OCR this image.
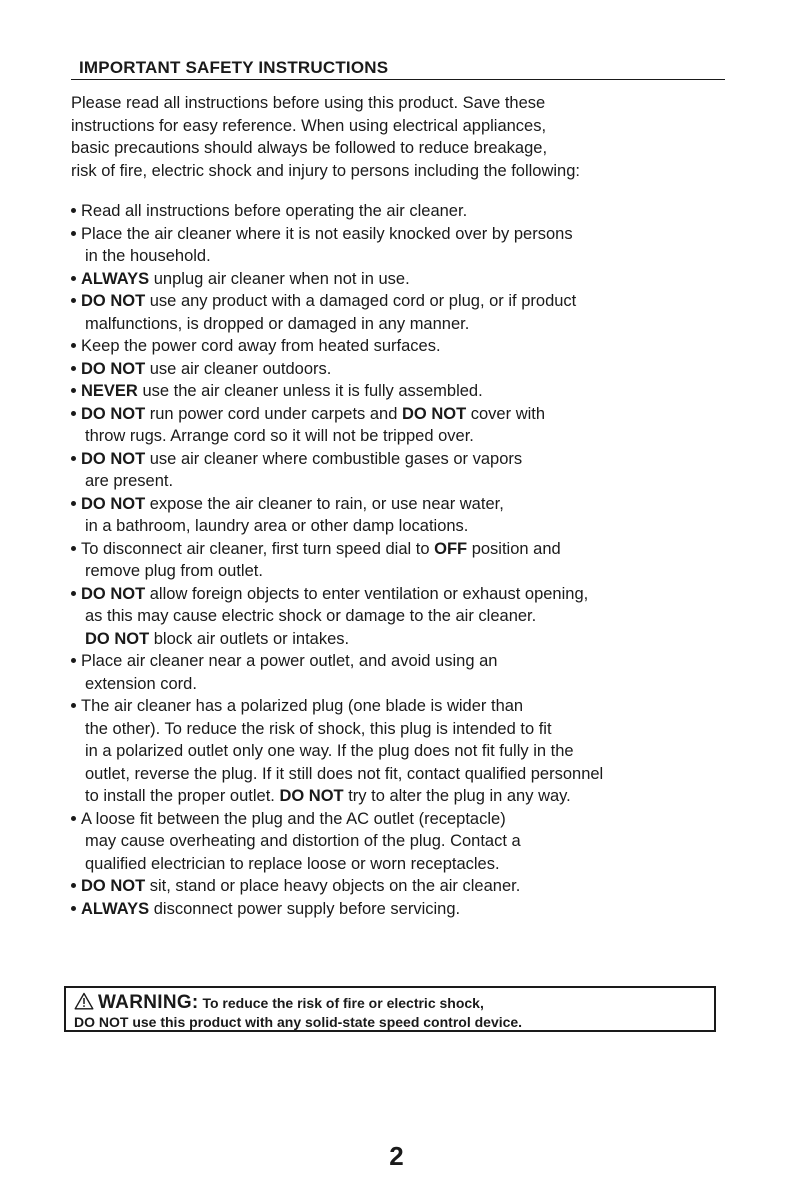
IMPORTANT SAFETY INSTRUCTIONS
Please read all instructions before using this product. Save these
instructions for easy reference. When using electrical appliances,
basic precautions should always be followed to reduce breakage,
risk of fire, electric shock and injury to persons including the following:
Read all instructions before operating the air cleaner.
Place the air cleaner where it is not easily knocked over by persons
in the household.
ALWAYS unplug air cleaner when not in use.
DO NOT use any product with a damaged cord or plug, or if product
malfunctions, is dropped or damaged in any manner.
Keep the power cord away from heated surfaces.
DO NOT use air cleaner outdoors.
NEVER use the air cleaner unless it is fully assembled.
DO NOT run power cord under carpets and DO NOT cover with
throw rugs. Arrange cord so it will not be tripped over.
DO NOT use air cleaner where combustible gases or vapors
are present.
DO NOT expose the air cleaner to rain, or use near water,
in a bathroom, laundry area or other damp locations.
To disconnect air cleaner, first turn speed dial to OFF position and
remove plug from outlet.
DO NOT allow foreign objects to enter ventilation or exhaust opening,
as this may cause electric shock or damage to the air cleaner.
DO NOT block air outlets or intakes.
Place air cleaner near a power outlet, and avoid using an
extension cord.
The air cleaner has a polarized plug (one blade is wider than
the other). To reduce the risk of shock, this plug is intended to fit
in a polarized outlet only one way. If the plug does not fit fully in the
outlet, reverse the plug. If it still does not fit, contact qualified personnel
to install the proper outlet. DO NOT try to alter the plug in any way.
A loose fit between the plug and the AC outlet (receptacle)
may cause overheating and distortion of the plug. Contact a
qualified electrician to replace loose or worn receptacles.
DO NOT sit, stand or place heavy objects on the air cleaner.
ALWAYS disconnect power supply before servicing.
WARNING: To reduce the risk of fire or electric shock,
DO NOT use this product with any solid-state speed control device.
2
